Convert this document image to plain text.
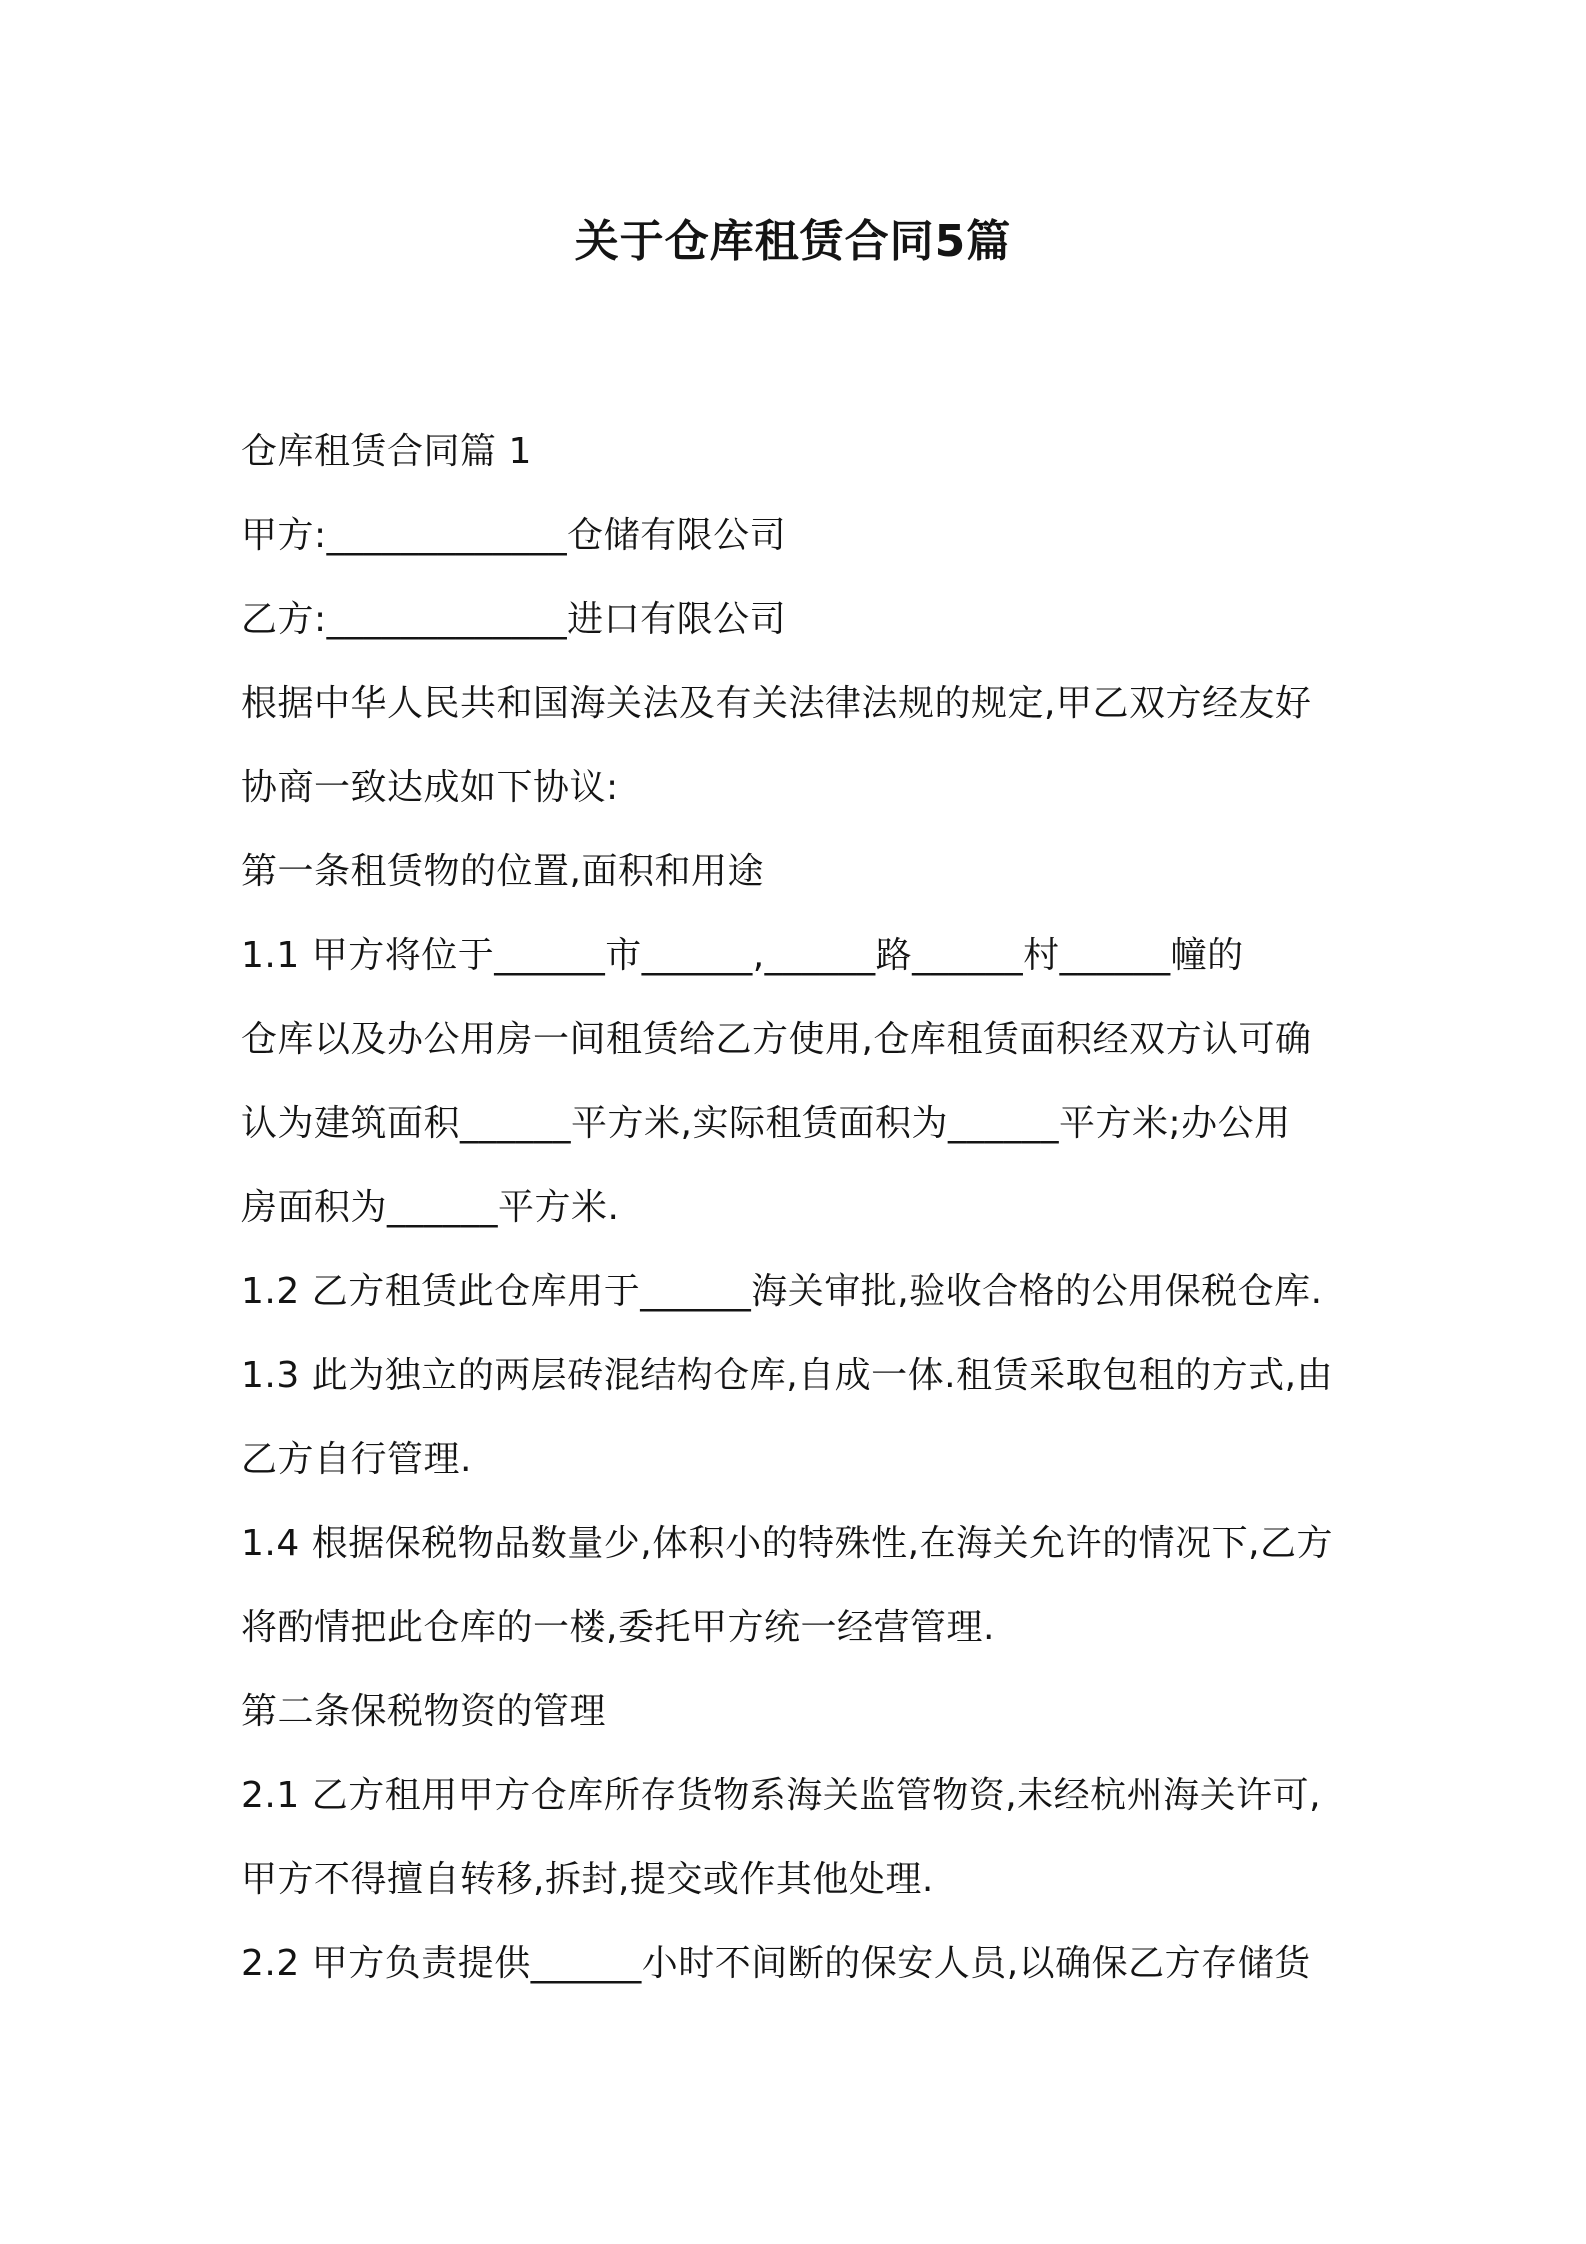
关于仓库租赁合同5篇
仓库租赁合同篇 1
甲方:_____________仓储有限公司
乙方:_____________进口有限公司
根据中华人民共和国海关法及有关法律法规的规定,甲乙双方经友好
协商一致达成如下协议:
第一条租赁物的位置,面积和用途
1.1 甲方将位于______市______,______路______村______幢的
仓库以及办公用房一间租赁给乙方使用,仓库租赁面积经双方认可确
认为建筑面积______平方米,实际租赁面积为______平方米;办公用
房面积为______平方米.
1.2 乙方租赁此仓库用于______海关审批,验收合格的公用保税仓库.
1.3 此为独立的两层砖混结构仓库,自成一体.租赁采取包租的方式,由
乙方自行管理.
1.4 根据保税物品数量少,体积小的特殊性,在海关允许的情况下,乙方
将酌情把此仓库的一楼,委托甲方统一经营管理.
第二条保税物资的管理
2.1 乙方租用甲方仓库所存货物系海关监管物资,未经杭州海关许可,
甲方不得擅自转移,拆封,提交或作其他处理.
2.2 甲方负责提供______小时不间断的保安人员,以确保乙方存储货
